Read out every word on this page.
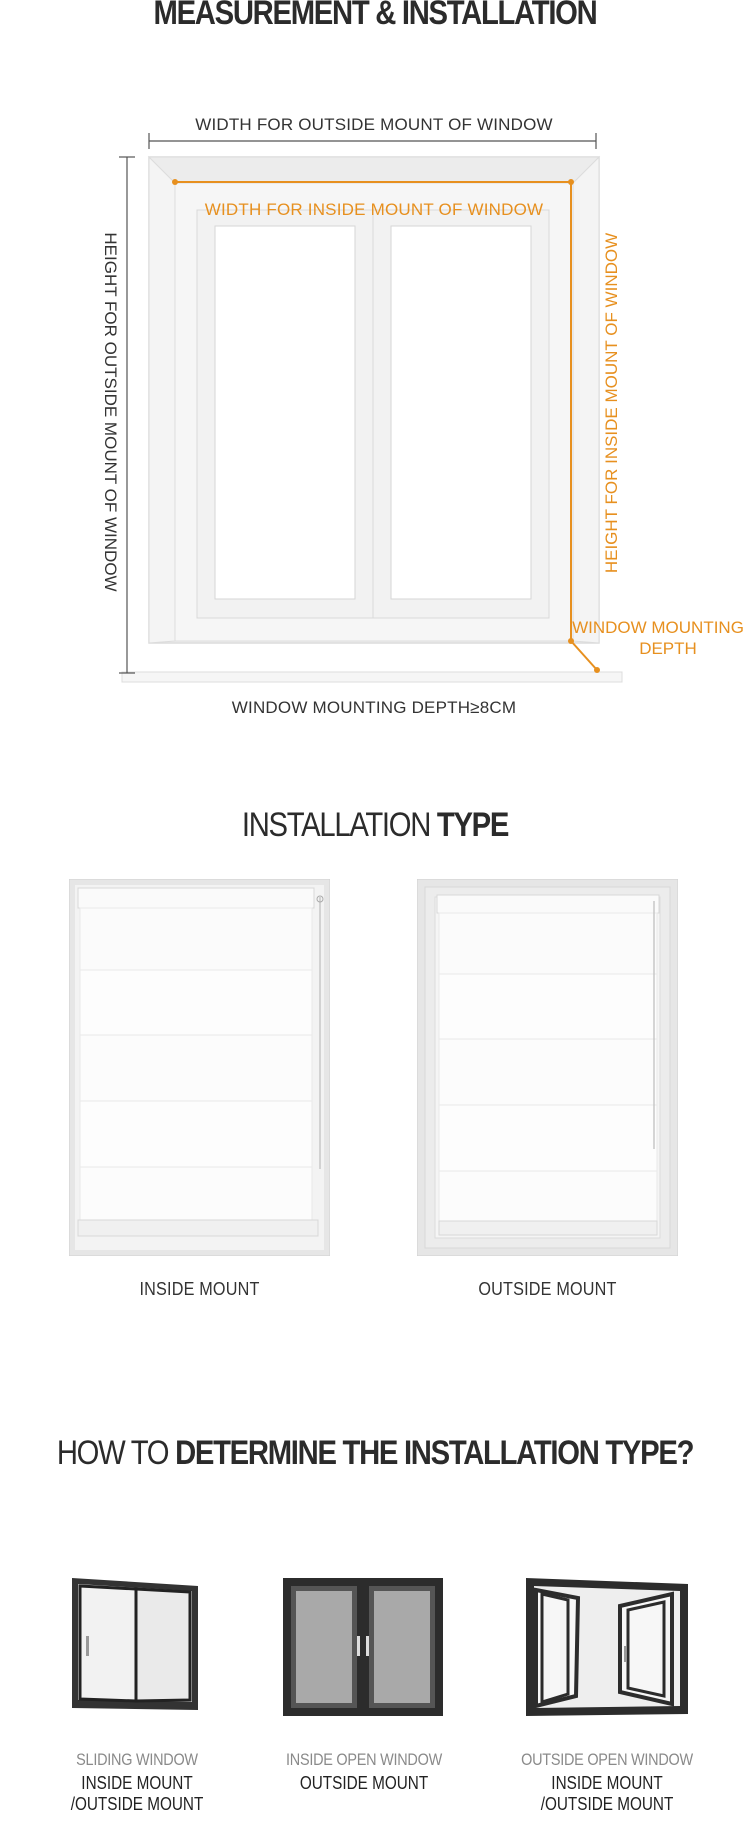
MEASUREMENT & INSTALLATION
WIDTH FOR OUTSIDE MOUNT OF WINDOW
WIDTH FOR INSIDE MOUNT OF WINDOW
HEIGHT FOR OUTSIDE MOUNT OF WINDOW	HEIGHT FOR INSIDE MOUNT OF WINDOW
WINDOW MOUNTING
DEPTH
WINDOW MOUNTING DEPTH≥8CM
INSTALLATION TYPE
INSIDE MOUNT	OUTSIDE MOUNT
HOW TO DETERMINE THE INSTALLATION TYPE?
SLIDING WINDOW
INSIDE MOUNT
/OUTSIDE MOUNT
INSIDE OPEN WINDOW
OUTSIDE MOUNT
OUTSIDE OPEN WINDOW
INSIDE MOUNT
/OUTSIDE MOUNT
